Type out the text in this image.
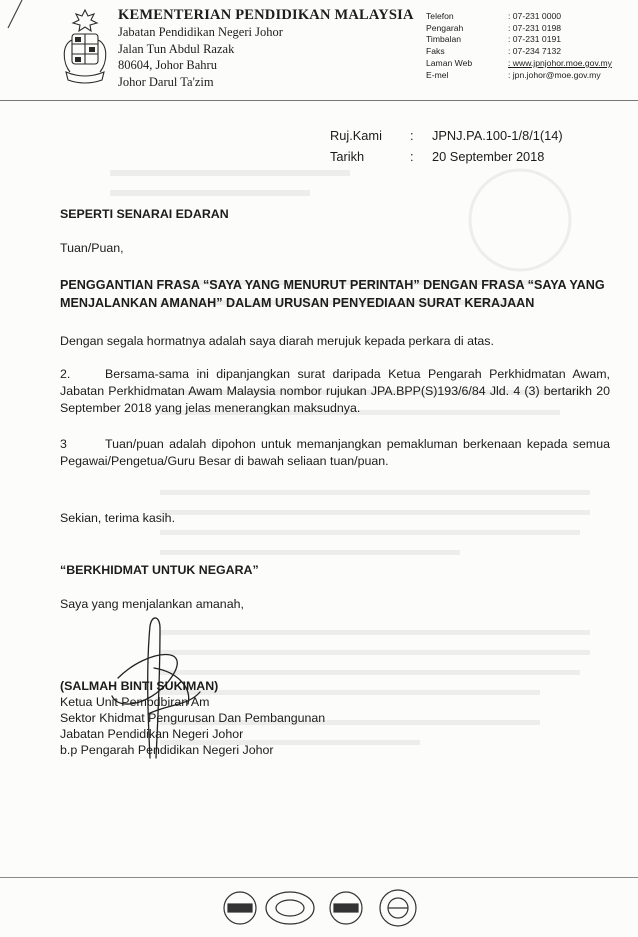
KEMENTERIAN PENDIDIKAN MALAYSIA
Jabatan Pendidikan Negeri Johor
Jalan Tun Abdul Razak
80604, Johor Bahru
Johor Darul Ta'zim
Telefon	: 07-231 0000
Pengarah	: 07-231 0198
Timbalan	: 07-231 0191
Faks	: 07-234 7132
Laman Web	: www.jpnjohor.moe.gov.my
E-mel	: jpn.johor@moe.gov.my
Ruj.Kami	:	JPNJ.PA.100-1/8/1(14)
Tarikh	:	20 September 2018
SEPERTI SENARAI EDARAN
Tuan/Puan,
PENGGANTIAN FRASA “SAYA YANG MENURUT PERINTAH” DENGAN FRASA “SAYA YANG MENJALANKAN AMANAH” DALAM URUSAN PENYEDIAAN SURAT KERAJAAN
Dengan segala hormatnya adalah saya diarah merujuk kepada perkara di atas.
2.	Bersama-sama ini dipanjangkan surat daripada Ketua Pengarah Perkhidmatan Awam, Jabatan Perkhidmatan Awam Malaysia nombor rujukan JPA.BPP(S)193/6/84 Jld. 4 (3) bertarikh 20 September 2018 yang jelas menerangkan maksudnya.
3	Tuan/puan adalah dipohon untuk memanjangkan pemakluman berkenaan kepada semua Pegawai/Pengetua/Guru Besar di bawah seliaan tuan/puan.
Sekian, terima kasih.
“BERKHIDMAT UNTUK NEGARA”
Saya yang menjalankan amanah,
(SALMAH BINTI SUKIMAN)
Ketua Unit Pembdbiran Am
Sektor Khidmat Pengurusan Dan Pembangunan
Jabatan Pendidikan Negeri Johor
b.p Pengarah Pendidikan Negeri Johor
